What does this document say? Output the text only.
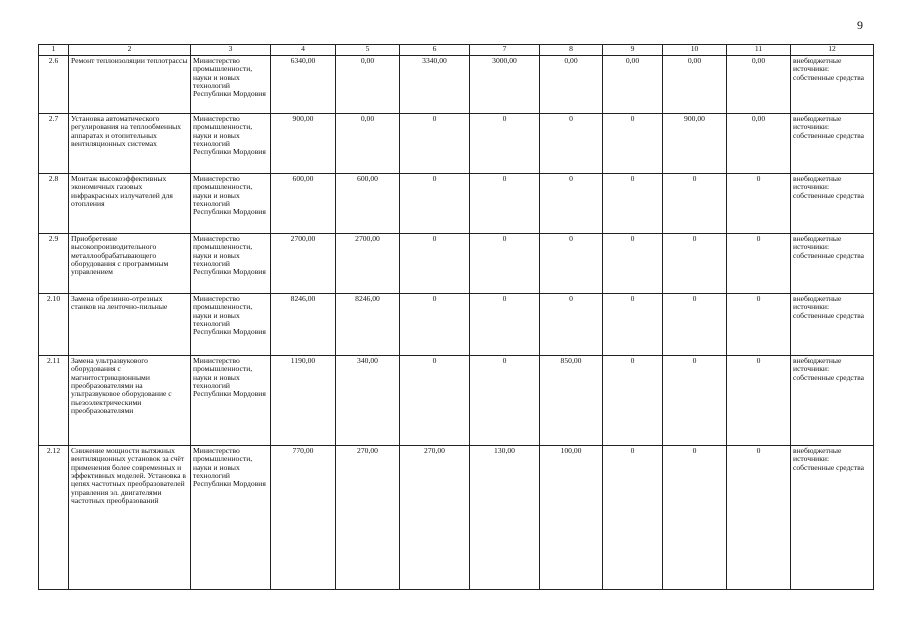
9
1	2	3	4	5	6	7	8	9	10	11	12
2.6	Ремонт теплоизоляции теплотрассы	Министерство промышленности, науки и новых технологий Республики Мордовия	6340,00	0,00	3340,00	3000,00	0,00	0,00	0,00	0,00	внебюджетные источники: собственные средства
2.7	Установка автоматического регулирования на теплообменных аппаратах и отопительных вентиляционных системах	Министерство промышленности, науки и новых технологий Республики Мордовия	900,00	0,00	0	0	0	0	900,00	0,00	внебюджетные источники: собственные средства
2.8	Монтаж высокоэффективных экономичных газовых инфракрасных излучателей для отопления	Министерство промышленности, науки и новых технологий Республики Мордовия	600,00	600,00	0	0	0	0	0	0	внебюджетные источники: собственные средства
2.9	Приобретение высокопроизводительного металлообрабатывающего оборудования с программным управлением	Министерство промышленности, науки и новых технологий Республики Мордовия	2700,00	2700,00	0	0	0	0	0	0	внебюджетные источники: собственные средства
2.10	Замена обрезинно-отрезных станков на ленточно-пильные	Министерство промышленности, науки и новых технологий Республики Мордовия	8246,00	8246,00	0	0	0	0	0	0	внебюджетные источники: собственные средства
2.11	Замена ультразвукового оборудования с магнитострикционными преобразователями на ультразвуковое оборудование с пьезоэлектрическими преобразователями	Министерство промышленности, науки и новых технологий Республики Мордовия	1190,00	340,00	0	0	850,00	0	0	0	внебюджетные источники: собственные средства
2.12	Снижение мощности вытяжных вентиляционных установок за счёт применения более современных и эффективных моделей. Установка в цепях частотных преобразователей управления эл. двигателями частотных преобразований	Министерство промышленности, науки и новых технологий Республики Мордовия	770,00	270,00	270,00	130,00	100,00	0	0	0	внебюджетные источники: собственные средства
